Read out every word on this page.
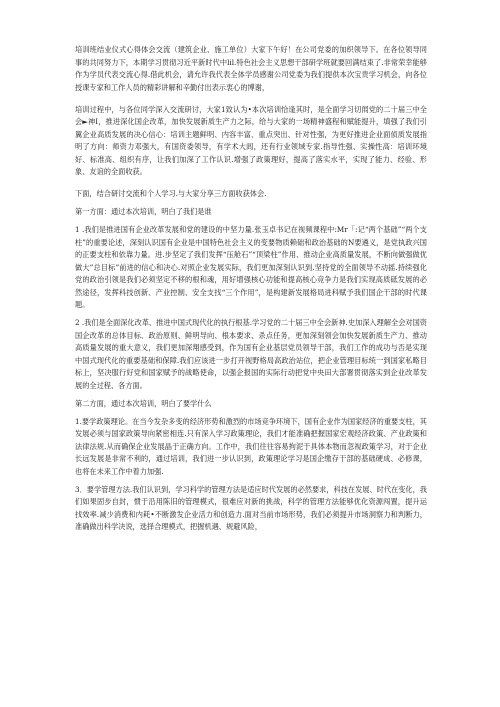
培训班结业仪式心得体会交流（建筑企业、施工单位）大家下午好！在公司党委的加织领导下。在各位领导同事的共同努力下，本期学习贯彻习近平新时代中lil.特色社会主义思想干部研学班就要回满结束了.非常荣幸能够作为学员代表交流心得.借此机会，请允许我代表全体学员感谢公司党委为我们提供本次宝贵学习机会，向各位授课专家和工作人员的精彩讲解和辛勤付出表示衷心的博谢，

培训过程中，与各位同学深入交流研讨，大家1致认为•本次培训恰逢其时，是全面学习切闱党的二十届三中全会►神I，推进深化国企改革，加快发展新质生产力之际，给与大家的一场精神盛程和赋能提升，填强了我们引翼企业高质发展的决心信心：培训主题鲜明、内容丰富、重点突出、针对性强，为更好推进企业面侦质发展指明了方向：师资力邓强大，有国资委领导，有学术大闾，还有行业领域专家.指导性强、实操性高：培训环境好、标准高、组织有序，让我们加深了工作认识.增强了政策理好，提高了落实水平，实现了能力、经验、形象、友谊的全面收获。

下面，结合研讨交流和个人学习.与大家分享三方面收获体会.

第一方面：通过本次培训，明白了我们是谁

1 .我们是推进国有企业改革发展和党的建设的中坚力量.张玉卓书记在视频课程中:Mr「:记“两个基础”“两个支柱”的重要论述，深刻认识国有企业是中国特色社会主义的变要物质赖础和政治基础的N要遴义，是党执政兴国的正要支柱和依靠力量。进.步坚定了我们发挥“压舱石”“顶梁柱”作用、推动企业高质量发展，不断向做强做优做大”总目标”前进的信心和决心.对照企业发展实际，我们更加深刻认识到.坚持党的全面领导不动摇.持续强化党的政治引领是我们必须坚定不移的根和魂，用好增强核心功能和提高核心竞争力是我们实现高质砥发展的必然途径，发挥科技创新、产业控制、安全支找“三个作用”，是构建新发展格局进科赋予我们国企干部的时代课题。

2 .我们是全面深化改革、推进中国式现代化的执行根基.学习党的二十届三中全会新神.史加深入理解全会对国资国企改革的总体目标、政治原则、鲜明导向、根本要求、杀点任务，更加深刻领会加快发展新质生产力、推动高质量发展的重大意义，我们更加深翔感受到，作为国有企业基层党员领导干部，我们工作的成功与否是实现中国式现代化的重要基础和保障.我们应该进一步打开视野格局高政治站位，把企业管理目标统一到国家私略目标上，坚决服行好党和国家赋予的战略使命，以强企报国的实际行动把党中央田大部署贯彻落实到企业改革发展的全过程、各方面。

第二方面，通过本次培训，明白了要学什么

1.要学政策理论。在当今发杂多变的经济形势和激烈的市场竞争环境下，国有企业作为国家经济的重要支柱，其发展必须与国家政策导向紧密相连.只有深入学习政策理论，我们才能准确把握国家宏观经济政策、产业政策和法律法规.从而确保企业发展晶于正确方向。工作中，我们往往容易拘泥于具体本物而忽视政策学习，对于企业长远发展是非常不利的，通过培训，我们进一步认识到，政策理论学习是国企缴存干部的基础硬成、必修课，也将在未来工作中着力加强.

3．要学管理方法.我们认识到，学习科学的管理方法是适应时代发展的必然要求，科技在发展、时代在变化，我们如果固步自封，惯于沿用陈旧的管理模式，很难应对新的挑战，科学的管理方法能够优化资源闯置，提升运找效率.减少消费和内耗•不断激发企业活力和创造力.面对当前市场形势，我们必须提升市场洞察力和判断力，准确做出科学决说，选择合理模式，把握机遇、规避风险，
